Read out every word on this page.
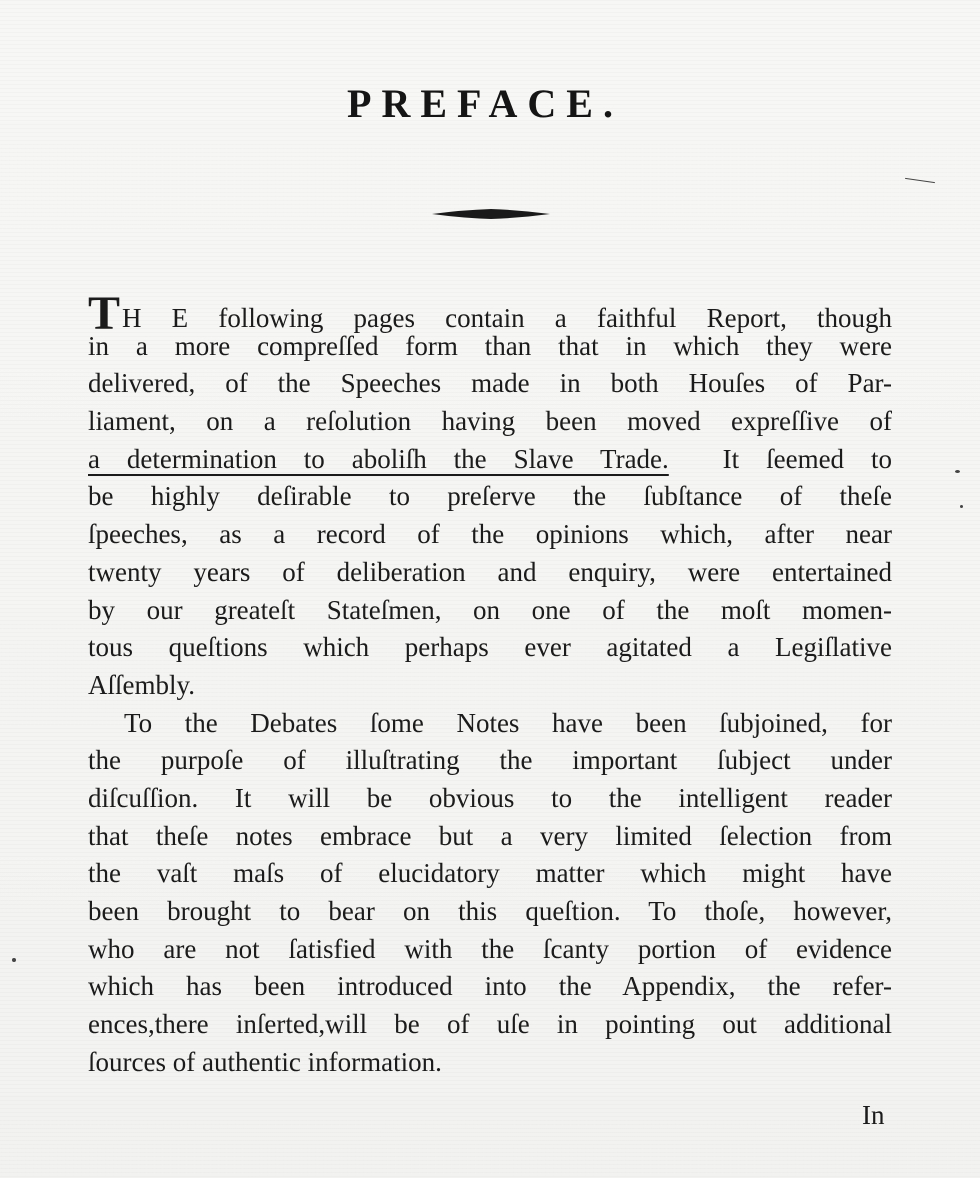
PREFACE.
TH E following pages contain a faithful Report, though
in a more compreſſed form than that in which they were
delivered, of the Speeches made in both Houſes of Par-
liament, on a reſolution having been moved expreſſive of
a determination to aboliſh the Slave Trade.  It ſeemed to
be highly deſirable to preſerve the ſubſtance of theſe
ſpeeches, as a record of the opinions which, after near
twenty years of deliberation and enquiry, were entertained
by our greateſt Stateſmen, on one of the moſt momen-
tous queſtions which perhaps ever agitated a Legiſlative
Aſſembly.
To the Debates ſome Notes have been ſubjoined, for
the purpoſe of illuſtrating the important ſubject under
diſcuſſion. It will be obvious to the intelligent reader
that theſe notes embrace but a very limited ſelection from
the vaſt maſs of elucidatory matter which might have
been brought to bear on this queſtion. To thoſe, however,
who are not ſatisfied with the ſcanty portion of evidence
which has been introduced into the Appendix, the refer-
ences,there inſerted,will be of uſe in pointing out additional
ſources of authentic information.
In
